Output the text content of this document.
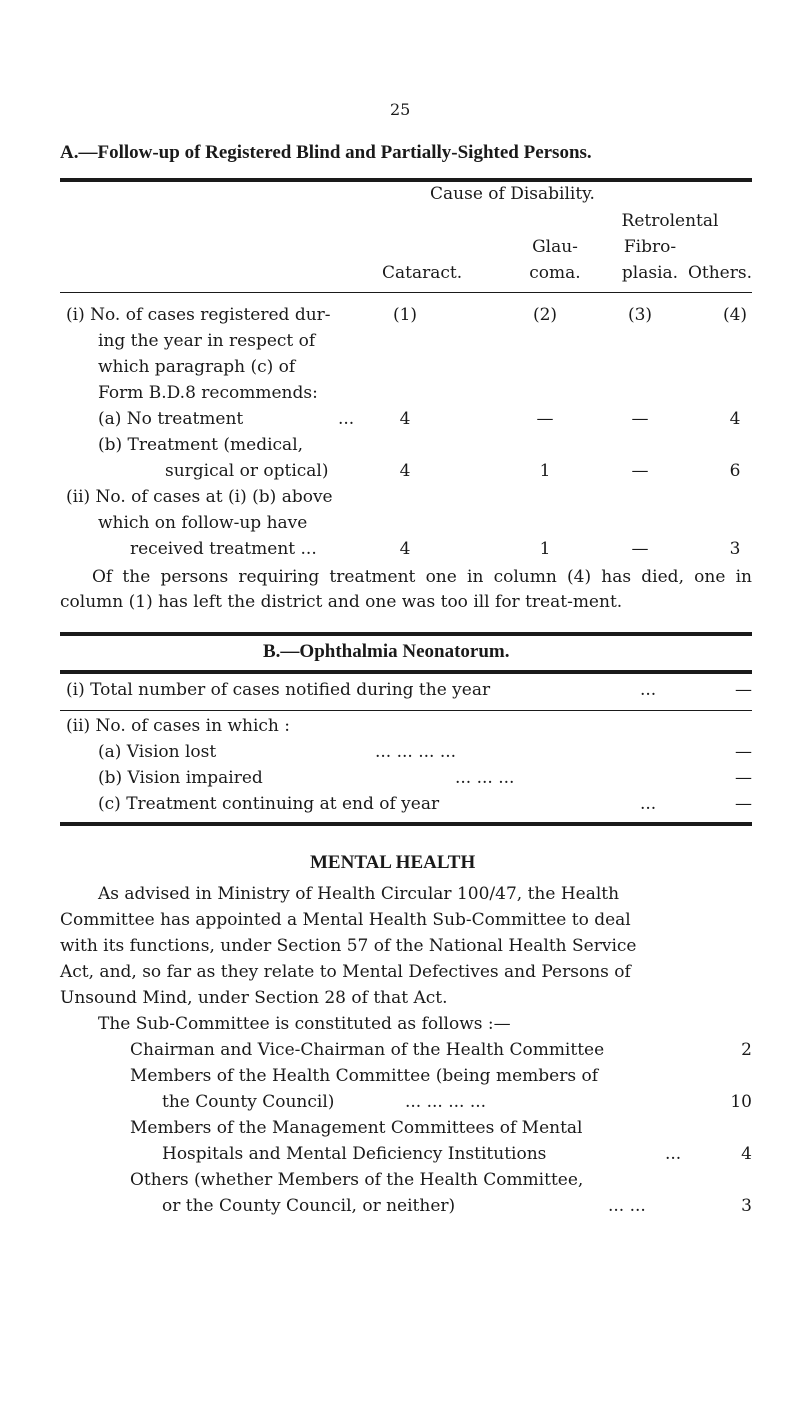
25
A.—Follow-up of Registered Blind and Partially-Sighted Persons.
Cause of Disability.
Retrolental
Glau-	Fibro-
Cataract.	coma.	plasia. Others.
(1)	(2)	(3)	(4)
(i) No. of cases registered dur-
ing the year in respect of
which paragraph (c) of
Form B.D.8 recommends:
(a) No treatment	...	4	—	—	4
(b) Treatment (medical,
surgical or optical)	4	1	—	6
(ii) No. of cases at (i) (b) above
which on follow-up have
received treatment ...	4	1	—	3
Of the persons requiring treatment one in column (4) has died, one in column (1) has left the district and one was too ill for treat-ment.
B.—Ophthalmia Neonatorum.
(i) Total number of cases notified during the year	...	—
(ii) No. of cases in which :
(a) Vision lost	... ... ... ...	—
(b) Vision impaired	... ... ...	—
(c) Treatment continuing at end of year	...	—
MENTAL HEALTH
As advised in Ministry of Health Circular 100/47, the Health
Committee has appointed a Mental Health Sub-Committee to deal
with its functions, under Section 57 of the National Health Service
Act, and, so far as they relate to Mental Defectives and Persons of
Unsound Mind, under Section 28 of that Act.
The Sub-Committee is constituted as follows :—
Chairman and Vice-Chairman of the Health Committee	2
Members of the Health Committee (being members of
the County Council)	... ... ... ...	10
Members of the Management Committees of Mental
Hospitals and Mental Deficiency Institutions	...	4
Others (whether Members of the Health Committee,
or the County Council, or neither)	... ...	3
